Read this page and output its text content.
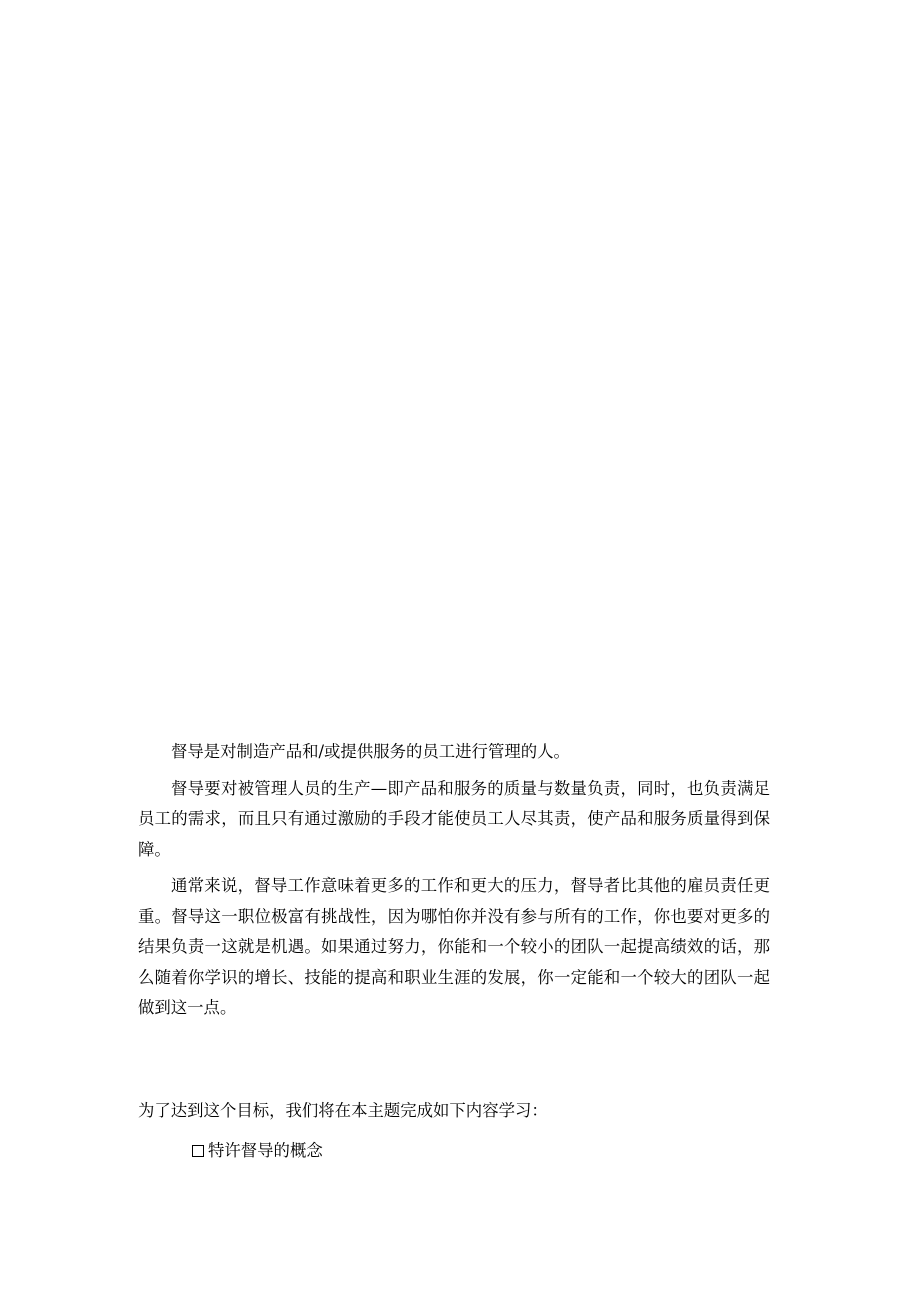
督导是对制造产品和/或提供服务的员工进行管理的人。

督导要对被管理人员的生产—即产品和服务的质量与数量负责，同时，也负责满足员工的需求，而且只有通过激励的手段才能使员工人尽其责，使产品和服务质量得到保障。

通常来说，督导工作意味着更多的工作和更大的压力，督导者比其他的雇员责任更重。督导这一职位极富有挑战性，因为哪怕你并没有参与所有的工作，你也要对更多的结果负责一这就是机遇。如果通过努力，你能和一个较小的团队一起提高绩效的话，那么随着你学识的增长、技能的提高和职业生涯的发展，你一定能和一个较大的团队一起做到这一点。

为了达到这个目标，我们将在本主题完成如下内容学习：
特许督导的概念
